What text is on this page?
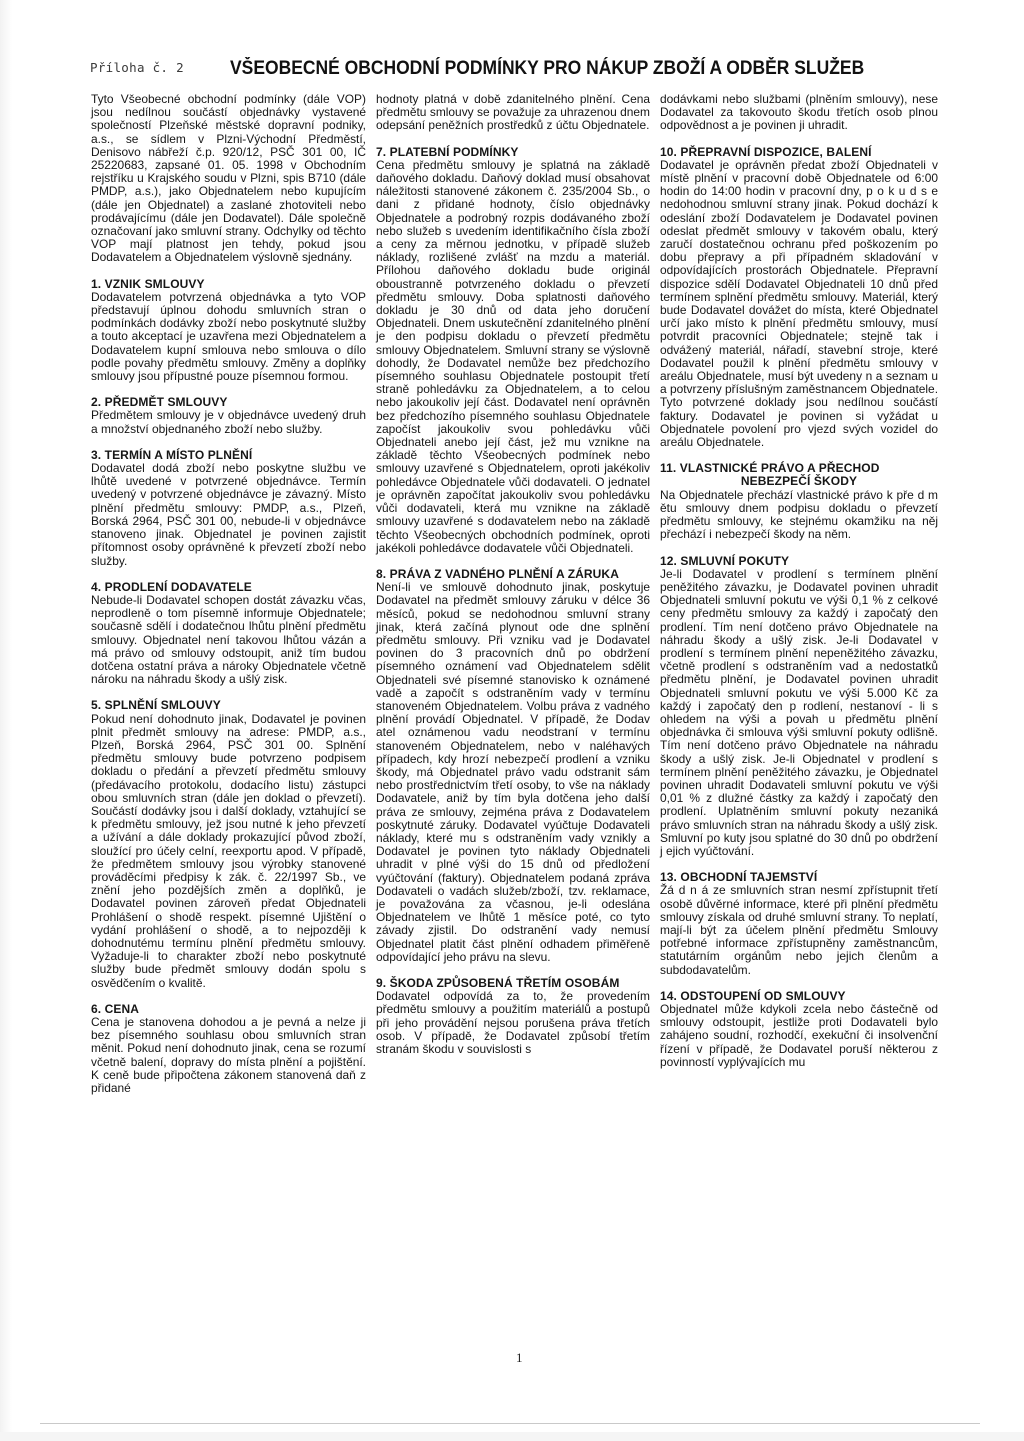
Příloha č. 2 VŠEOBECNÉ OBCHODNÍ PODMÍNKY PRO NÁKUP ZBOŽÍ A ODBĚR SLUŽEB

Tyto Všeobecné obchodní podmínky (dále VOP) jsou nedílnou součástí objednávky vystavené společností Plzeňské městské dopravní podniky, a.s., se sídlem v Plzni-Východní Předměstí, Denisovo nábřeží č.p. 920/12, PSČ 301 00, IČ 25220683, zapsané 01. 05. 1998 v Obchodním rejstříku u Krajského soudu v Plzni, spis B710 (dále PMDP, a.s.), jako Objednatelem nebo kupujícím (dále jen Objednatel) a zaslané zhotoviteli nebo prodávajícímu (dále jen Dodavatel). Dále společně označovaní jako smluvní strany. Odchylky od těchto VOP mají platnost jen tehdy, pokud jsou Dodavatelem a Objednatelem výslovně sjednány.

1. VZNIK SMLOUVY

Dodavatelem potvrzená objednávka a tyto VOP představují úplnou dohodu smluvních stran o podmínkách dodávky zboží nebo poskytnuté služby a touto akceptací je uzavřena mezi Objednatelem a Dodavatelem kupní smlouva nebo smlouva o dílo podle povahy předmětu smlouvy. Změny a doplňky smlouvy jsou přípustné pouze písemnou formou.

2. PŘEDMĚT SMLOUVY

Předmětem smlouvy je v objednávce uvedený druh a množství objednaného zboží nebo služby.

3. TERMÍN A MÍSTO PLNĚNÍ

Dodavatel dodá zboží nebo poskytne službu ve lhůtě uvedené v potvrzené objednávce. Termín uvedený v potvrzené objednávce je závazný. Místo plnění předmětu smlouvy: PMDP, a.s., Plzeň, Borská 2964, PSČ 301 00, nebude-li v objednávce stanoveno jinak. Objednatel je povinen zajistit přítomnost osoby oprávněné k převzetí zboží nebo služby.

4. PRODLENÍ DODAVATELE

Nebude-li Dodavatel schopen dostát závazku včas, neprodleně o tom písemně informuje Objednatele; současně sdělí i dodatečnou lhůtu plnění předmětu smlouvy. Objednatel není takovou lhůtou vázán a má právo od smlouvy odstoupit, aniž tím budou dotčena ostatní práva a nároky Objednatele včetně nároku na náhradu škody a ušlý zisk.

5. SPLNĚNÍ SMLOUVY

Pokud není dohodnuto jinak, Dodavatel je povinen plnit předmět smlouvy na adrese: PMDP, a.s., Plzeň, Borská 2964, PSČ 301 00. Splnění předmětu smlouvy bude potvrzeno podpisem dokladu o předání a převzetí předmětu smlouvy (předávacího protokolu, dodacího listu) zástupci obou smluvních stran (dále jen doklad o převzetí). Součástí dodávky jsou i další doklady, vztahující se k předmětu smlouvy, jež jsou nutné k jeho převzetí a užívání a dále doklady prokazující původ zboží, sloužící pro účely celní, reexportu apod. V případě, že předmětem smlouvy jsou výrobky stanovené prováděcími předpisy k zák. č. 22/1997 Sb., ve znění jeho pozdějších změn a doplňků, je Dodavatel povinen zároveň předat Objednateli Prohlášení o shodě respekt. písemné Ujištění o vydání prohlášení o shodě, a to nejpozději k dohodnutému termínu plnění předmětu smlouvy. Vyžaduje-li to charakter zboží nebo poskytnuté služby bude předmět smlouvy dodán spolu s osvědčením o kvalitě.

6. CENA

Cena je stanovena dohodou a je pevná a nelze ji bez písemného souhlasu obou smluvních stran měnit. Pokud není dohodnuto jinak, cena se rozumí včetně balení, dopravy do místa plnění a pojištění. K ceně bude připočtena zákonem stanovená daň z přidané

hodnoty platná v době zdanitelného plnění. Cena předmětu smlouvy se považuje za uhrazenou dnem odepsání peněžních prostředků z účtu Objednatele.

7. PLATEBNÍ PODMÍNKY

Cena předmětu smlouvy je splatná na základě daňového dokladu. Daňový doklad musí obsahovat náležitosti stanovené zákonem č. 235/2004 Sb., o dani z přidané hodnoty, číslo objednávky Objednatele a podrobný rozpis dodávaného zboží nebo služeb s uvedením identifikačního čísla zboží a ceny za měrnou jednotku, v případě služeb náklady, rozlišené zvlášť na mzdu a materiál. Přílohou daňového dokladu bude originál oboustranně potvrzeného dokladu o převzetí předmětu smlouvy. Doba splatnosti daňového dokladu je 30 dnů od data jeho doručení Objednateli. Dnem uskutečnění zdanitelného plnění je den podpisu dokladu o převzetí předmětu smlouvy Objednatelem. Smluvní strany se výslovně dohodly, že Dodavatel nemůže bez předchozího písemného souhlasu Objednatele postoupit třetí straně pohledávku za Objednatelem, a to celou nebo jakoukoliv její část. Dodavatel není oprávněn bez předchozího písemného souhlasu Objednatele započíst jakoukoliv svou pohledávku vůči Objednateli anebo její část, jež mu vznikne na základě těchto Všeobecných podmínek nebo smlouvy uzavřené s Objednatelem, oproti jakékoliv pohledávce Objednatele vůči dodavateli. O jednatel je oprávněn započítat jakoukoliv svou pohledávku vůči dodavateli, která mu vznikne na základě smlouvy uzavřené s dodavatelem nebo na základě těchto Všeobecných obchodních podmínek, oproti jakékoli pohledávce dodavatele vůči Objednateli.

8. PRÁVA Z VADNÉHO PLNĚNÍ A ZÁRUKA

Není-li ve smlouvě dohodnuto jinak, poskytuje Dodavatel na předmět smlouvy záruku v délce 36 měsíců, pokud se nedohodnou smluvní strany jinak, která začíná plynout ode dne splnění předmětu smlouvy. Při vzniku vad je Dodavatel povinen do 3 pracovních dnů po obdržení písemného oznámení vad Objednatelem sdělit Objednateli své písemné stanovisko k oznámené vadě a započít s odstraněním vady v termínu stanoveném Objednatelem. Volbu práva z vadného plnění provádí Objednatel. V případě, že Dodav atel oznámenou vadu neodstraní v termínu stanoveném Objednatelem, nebo v naléhavých případech, kdy hrozí nebezpečí prodlení a vzniku škody, má Objednatel právo vadu odstranit sám nebo prostřednictvím třetí osoby, to vše na náklady Dodavatele, aniž by tím byla dotčena jeho další práva ze smlouvy, zejména práva z Dodavatelem poskytnuté záruky. Dodavatel vyúčtuje Dodavateli náklady, které mu s odstraněním vady vznikly a Dodavatel je povinen tyto náklady Objednateli uhradit v plné výši do 15 dnů od předložení vyúčtování (faktury). Objednatelem podaná zpráva Dodavateli o vadách služeb/zboží, tzv. reklamace, je považována za včasnou, je-li odeslána Objednatelem ve lhůtě 1 měsíce poté, co tyto závady zjistil. Do odstranění vady nemusí Objednatel platit část plnění odhadem přiměřeně odpovídající jeho právu na slevu.

9. ŠKODA ZPŮSOBENÁ TŘETÍM OSOBÁM

Dodavatel odpovídá za to, že provedením předmětu smlouvy a použitím materiálů a postupů při jeho provádění nejsou porušena práva třetích osob. V případě, že Dodavatel způsobí třetím stranám škodu v souvislosti s

dodávkami nebo službami (plněním smlouvy), nese Dodavatel za takovouto škodu třetích osob plnou odpovědnost a je povinen ji uhradit.

10. PŘEPRAVNÍ DISPOZICE, BALENÍ

Dodavatel je oprávněn předat zboží Objednateli v místě plnění v pracovní době Objednatele od 6:00 hodin do 14:00 hodin v pracovní dny, p o k u d s e nedohodnou smluvní strany jinak. Pokud dochází k odeslání zboží Dodavatelem je Dodavatel povinen odeslat předmět smlouvy v takovém obalu, který zaručí dostatečnou ochranu před poškozením po dobu přepravy a při případném skladování v odpovídajících prostorách Objednatele. Přepravní dispozice sdělí Dodavatel Objednateli 10 dnů před termínem splnění předmětu smlouvy. Materiál, který bude Dodavatel dovážet do místa, které Objednatel určí jako místo k plnění předmětu smlouvy, musí potvrdit pracovníci Objednatele; stejně tak i odvážený materiál, nářadí, stavební stroje, které Dodavatel použil k plnění předmětu smlouvy v areálu Objednatele, musí být uvedeny n a seznam u a potvrzeny příslušným zaměstnancem Objednatele. Tyto potvrzené doklady jsou nedílnou součástí faktury. Dodavatel je povinen si vyžádat u Objednatele povolení pro vjezd svých vozidel do areálu Objednatele.

11. VLASTNICKÉ PRÁVO A PŘECHOD
NEBEZPEČÍ ŠKODY

Na Objednatele přechází vlastnické právo k pře d m ětu smlouvy dnem podpisu dokladu o převzetí předmětu smlouvy, ke stejnému okamžiku na něj přechází i nebezpečí škody na něm.

12. SMLUVNÍ POKUTY

Je-li Dodavatel v prodlení s termínem plnění peněžitého závazku, je Dodavatel povinen uhradit Objednateli smluvní pokutu ve výši 0,1 % z celkové ceny předmětu smlouvy za každý i započatý den prodlení. Tím není dotčeno právo Objednatele na náhradu škody a ušlý zisk. Je-li Dodavatel v prodlení s termínem plnění nepeněžitého závazku, včetně prodlení s odstraněním vad a nedostatků předmětu plnění, je Dodavatel povinen uhradit Objednateli smluvní pokutu ve výši 5.000 Kč za každý i započatý den p rodlení, nestanoví - li s ohledem na výši a povah u předmětu plnění objednávka či smlouva výši smluvní pokuty odlišně. Tím není dotčeno právo Objednatele na náhradu škody a ušlý zisk. Je-li Objednatel v prodlení s termínem plnění peněžitého závazku, je Objednatel povinen uhradit Dodavateli smluvní pokutu ve výši 0,01 % z dlužné částky za každý i započatý den prodlení. Uplatněním smluvní pokuty nezaniká právo smluvních stran na náhradu škody a ušlý zisk. Smluvní po kuty jsou splatné do 30 dnů po obdržení j ejich vyúčtování.

13. OBCHODNÍ TAJEMSTVÍ

Žá d n á ze smluvních stran nesmí zpřístupnit třetí osobě důvěrné informace, které při plnění předmětu smlouvy získala od druhé smluvní strany. To neplatí, mají-li být za účelem plnění předmětu Smlouvy potřebné informace zpřístupněny zaměstnancům, statutárním orgánům nebo jejich členům a subdodavatelům.

14. ODSTOUPENÍ OD SMLOUVY

Objednatel může kdykoli zcela nebo částečně od smlouvy odstoupit, jestliže proti Dodavateli bylo zahájeno soudní, rozhodčí, exekuční či insolvenční řízení v případě, že Dodavatel poruší některou z povinností vyplývajících mu

1
